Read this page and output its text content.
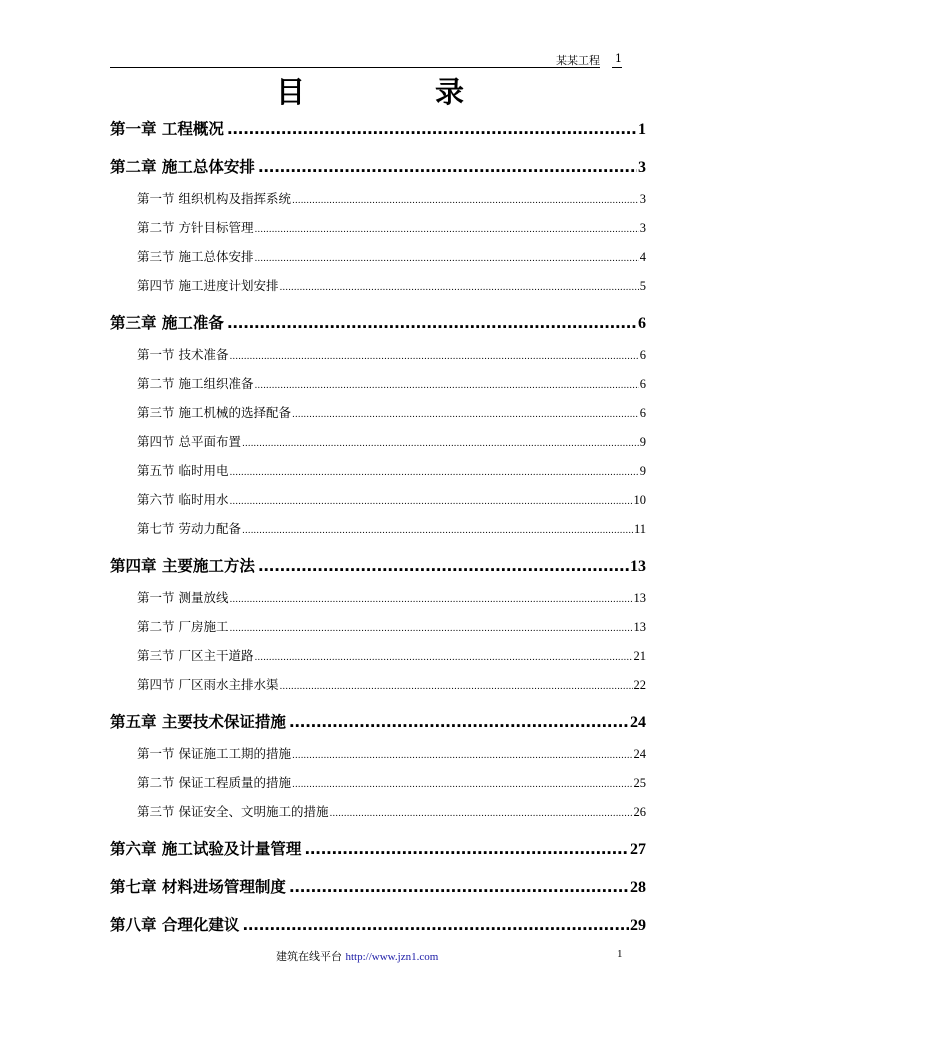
某某工程 1
目 录
第一章 工程概况 .....	1
第二章 施工总体安排 .....	3
第一节 组织机构及指挥系统 .....	3
第二节 方针目标管理 .....	3
第三节 施工总体安排 .....	4
第四节 施工进度计划安排 .....	5
第三章 施工准备 .....	6
第一节 技术准备 .....	6
第二节 施工组织准备 .....	6
第三节 施工机械的选择配备 .....	6
第四节 总平面布置 .....	9
第五节 临时用电 .....	9
第六节 临时用水 .....	10
第七节 劳动力配备 .....	11
第四章 主要施工方法 .....	13
第一节 测量放线 .....	13
第二节 厂房施工 .....	13
第三节 厂区主干道路 .....	21
第四节 厂区雨水主排水渠 .....	22
第五章 主要技术保证措施 .....	24
第一节 保证施工工期的措施 .....	24
第二节 保证工程质量的措施 .....	25
第三节 保证安全、文明施工的措施 .....	26
第六章 施工试验及计量管理 .....	27
第七章 材料进场管理制度 .....	28
第八章 合理化建议 .....	29
建筑在线平台 http://www.jzn1.com	1
